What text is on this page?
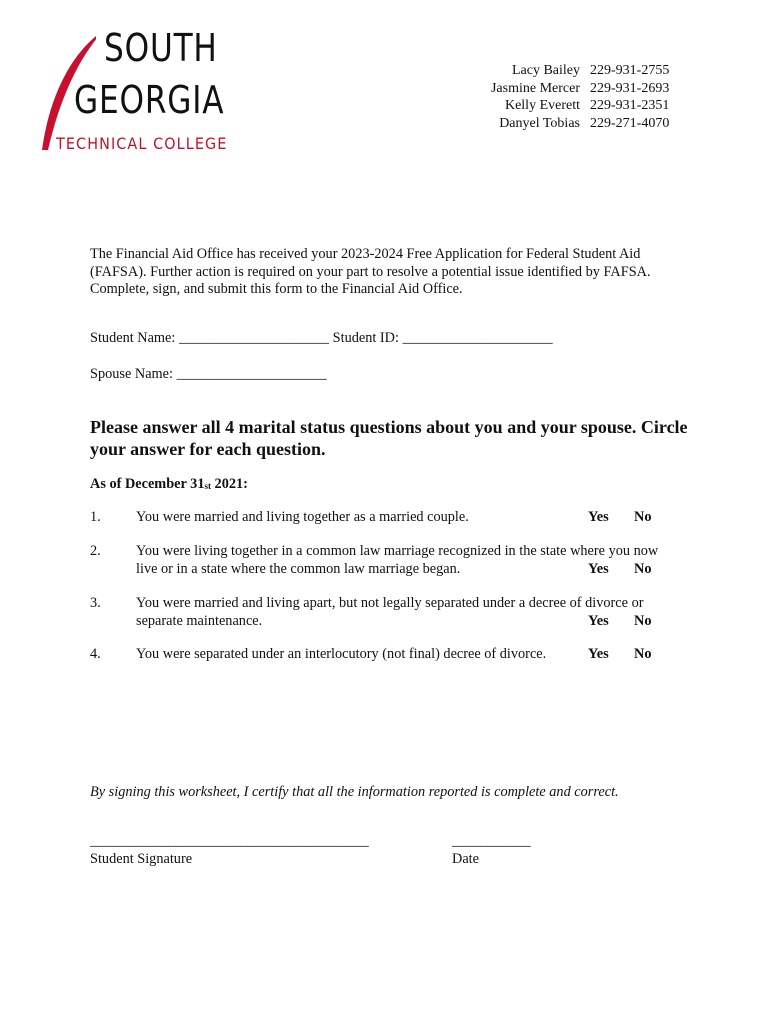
SOUTH
GEORGIA
TECHNICAL COLLEGE
Lacy Bailey 229-931-2755
Jasmine Mercer 229-931-2693
Kelly Everett 229-931-2351
Danyel Tobias 229-271-4070
The Financial Aid Office has received your 2023-2024 Free Application for Federal Student Aid (FAFSA). Further action is required on your part to resolve a potential issue identified by FAFSA. Complete, sign, and submit this form to the Financial Aid Office.
Student Name: _____________________ Student ID: _____________________
Spouse Name: _____________________
Please answer all 4 marital status questions about you and your spouse. Circle your answer for each question.
As of December 31st 2021:
1. You were married and living together as a married couple.	Yes No
2. You were living together in a common law marriage recognized in the state where you now live or in a state where the common law marriage began.	Yes No
3. You were married and living apart, but not legally separated under a decree of divorce or separate maintenance.	Yes No
4. You were separated under an interlocutory (not final) decree of divorce.	Yes No
By signing this worksheet, I certify that all the information reported is complete and correct.
_______________________________________
Student Signature
___________
Date
